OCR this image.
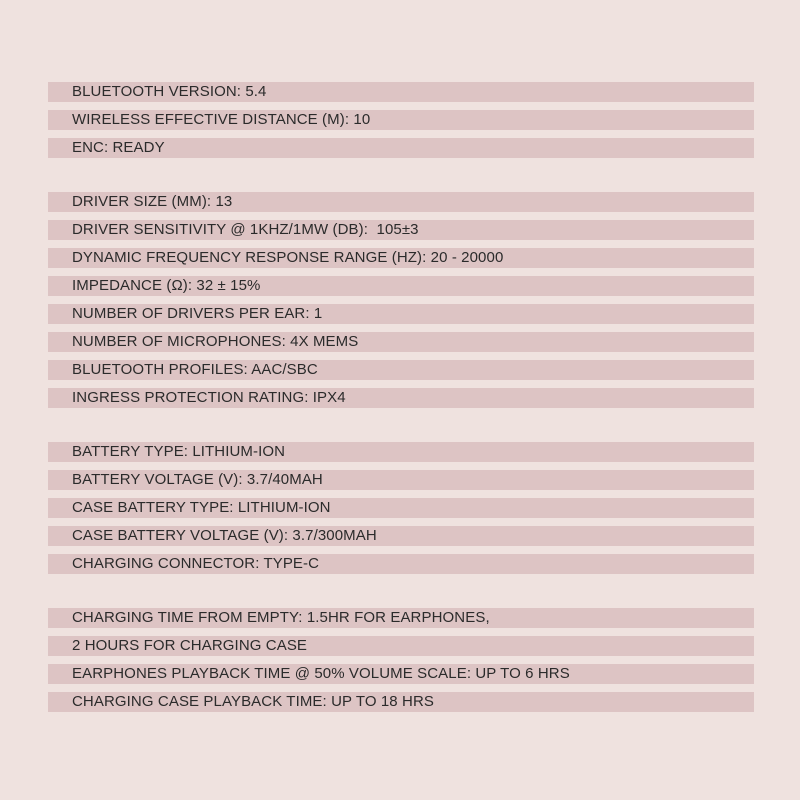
BLUETOOTH VERSION: 5.4
WIRELESS EFFECTIVE DISTANCE (M): 10
ENC: READY
DRIVER SIZE (MM): 13
DRIVER SENSITIVITY @ 1KHZ/1MW (DB):  105±3
DYNAMIC FREQUENCY RESPONSE RANGE (HZ): 20 - 20000
IMPEDANCE (Ω): 32 ± 15%
NUMBER OF DRIVERS PER EAR: 1
NUMBER OF MICROPHONES: 4X MEMS
BLUETOOTH PROFILES: AAC/SBC
INGRESS PROTECTION RATING: IPX4
BATTERY TYPE: LITHIUM-ION
BATTERY VOLTAGE (V): 3.7/40MAH
CASE BATTERY TYPE: LITHIUM-ION
CASE BATTERY VOLTAGE (V): 3.7/300MAH
CHARGING CONNECTOR: TYPE-C
CHARGING TIME FROM EMPTY: 1.5HR FOR EARPHONES,
2 HOURS FOR CHARGING CASE
EARPHONES PLAYBACK TIME @ 50% VOLUME SCALE: UP TO 6 HRS
CHARGING CASE PLAYBACK TIME: UP TO 18 HRS
